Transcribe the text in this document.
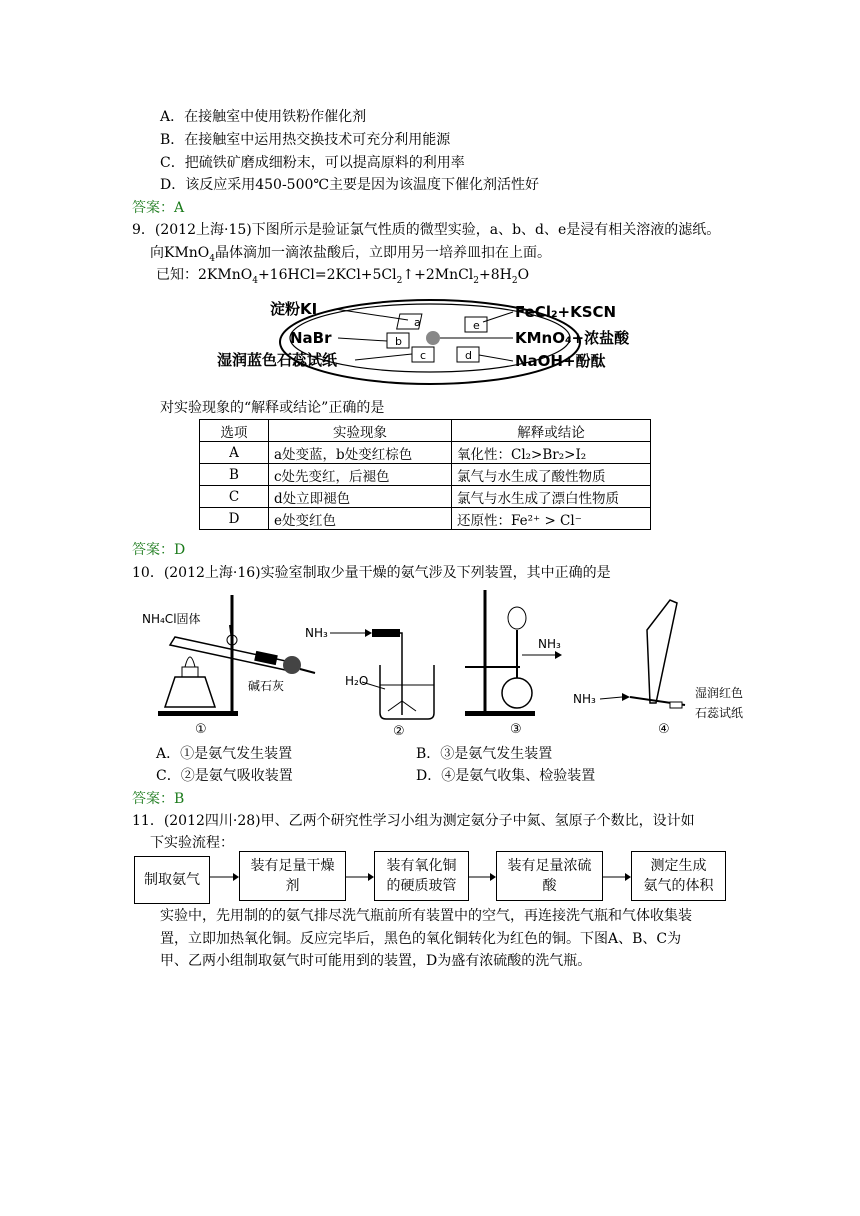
A．在接触室中使用铁粉作催化剂
B．在接触室中运用热交换技术可充分利用能源
C．把硫铁矿磨成细粉末，可以提高原料的利用率
D．该反应采用450-500℃主要是因为该温度下催化剂活性好
答案：A
9．(2012上海·15)下图所示是验证氯气性质的微型实验，a、b、d、e是浸有相关溶液的滤纸。
向KMnO$_4$晶体滴加一滴浓盐酸后，立即用另一培养皿扣在上面。
已知：$2KMnO_4+16HCl=2KCl+5Cl_2↑+2MnCl_2+8H_2O$
a	e
b
c	d
淀粉KI
NaBr
湿润蓝色石蕊试纸
FeCl₂+KSCN
KMnO₄+浓盐酸
NaOH+酚酞
对实验现象的“解释或结论”正确的是
选项	实验现象	解释或结论
A	a处变蓝，b处变红棕色	氧化性：Cl₂>Br₂>I₂
B	c处先变红，后褪色	氯气与水生成了酸性物质
C	d处立即褪色	氯气与水生成了漂白性物质
D	e处变红色	还原性：Fe²⁺ > Cl⁻
答案：D
10．(2012上海·16)实验室制取少量干燥的氨气涉及下列装置，其中正确的是
NH₄Cl固体
碱石灰
①
NH₃
H₂O
②
NH₃
③
NH₃	湿润红色
石蕊试纸
④
A．①是氨气发生装置	B．③是氨气发生装置
C．②是氨气吸收装置	D．④是氨气收集、检验装置
答案：B
11．(2012四川·28)甲、乙两个研究性学习小组为测定氨分子中氮、氢原子个数比，设计如
下实验流程：
制取氨气
装有足量干燥
剂
装有氧化铜
的硬质玻管
装有足量浓硫
酸
测定生成
氨气的体积
实验中，先用制的的氨气排尽洗气瓶前所有装置中的空气，再连接洗气瓶和气体收集装
置，立即加热氧化铜。反应完毕后，黑色的氧化铜转化为红色的铜。下图A、B、C为
甲、乙两小组制取氨气时可能用到的装置，D为盛有浓硫酸的洗气瓶。
